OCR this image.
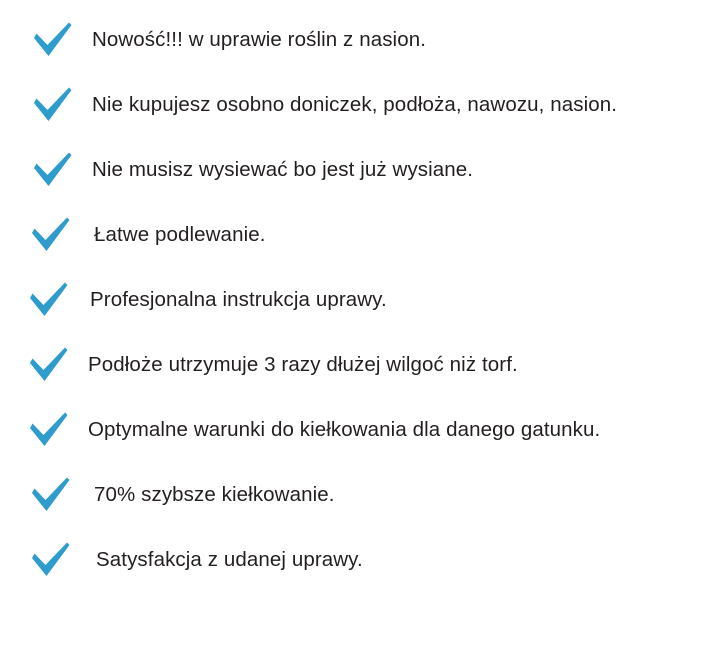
Nowość!!! w uprawie roślin z nasion.
Nie kupujesz osobno doniczek, podłoża, nawozu, nasion.
Nie musisz wysiewać bo jest już wysiane.
Łatwe podlewanie.
Profesjonalna instrukcja uprawy.
Podłoże utrzymuje 3 razy dłużej wilgoć niż torf.
Optymalne warunki do kiełkowania dla danego gatunku.
70% szybsze kiełkowanie.
Satysfakcja z udanej uprawy.
